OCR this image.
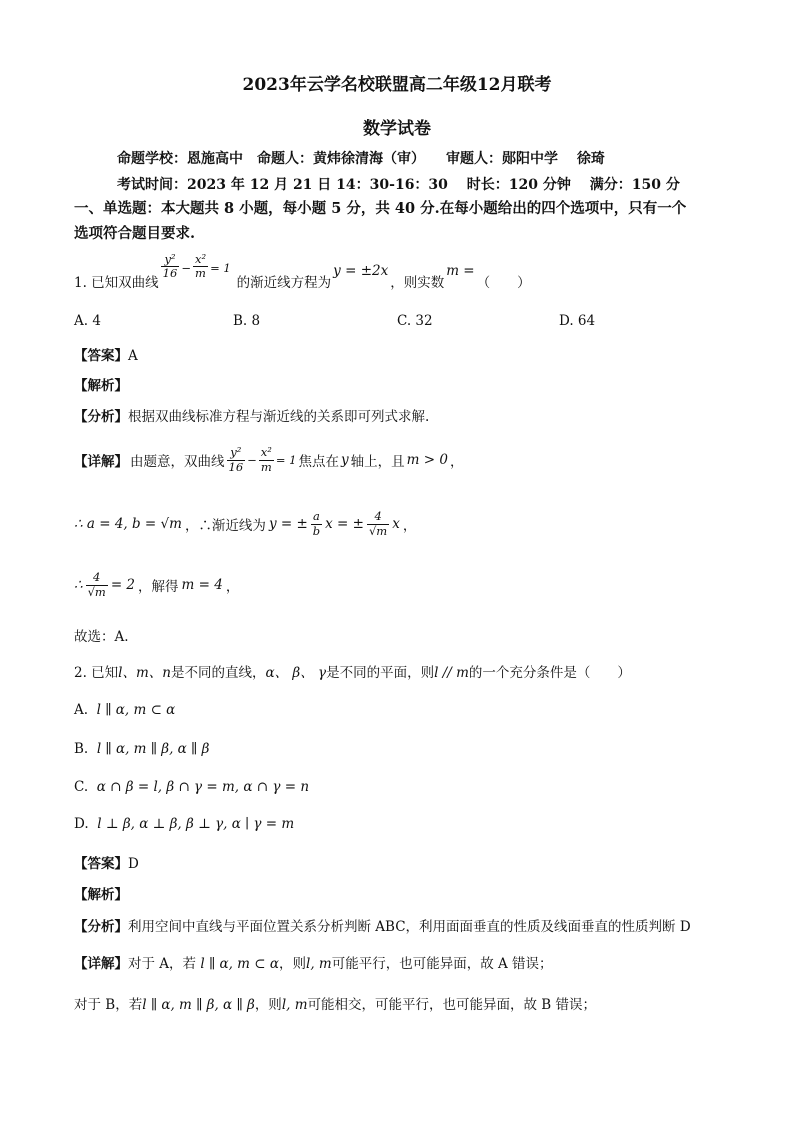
2023年云学名校联盟高二年级12月联考
数学试卷
命题学校：恩施高中　命题人：黄炜徐清海（审）　　审题人：郧阳中学　 徐琦
考试时间：2023 年 12 月 21 日 14：30-16：30　 时长：120 分钟　 满分：150 分
一、单选题：本大题共 8 小题，每小题 5 分，共 40 分.在每小题给出的四个选项中，只有一个
选项符合题目要求.
1. 已知双曲线
$\frac{\text{y²}}{16} - \frac{\text{x²}}{m} = 1$
的渐近线方程为
y = ±2x
，则实数
m =
（　　）
A. 4	B. 8	C. 32	D. 64
【答案】A
【解析】
【分析】根据双曲线标准方程与渐近线的关系即可列式求解.
【详解】 由题意，双曲线 $\frac{\text{y²}}{16} - \frac{\text{x²}}{m} = 1$ 焦点在 y 轴上，且 m > 0 ，
∴ a = 4, b = √m ，∴渐近线为 y = ± $\frac{a}{b}$ x = ± $\frac{4}{√m}$ x ，
∴ $\frac{4}{√m} = 2$ ，解得 m = 4 ，
故选：A.
2. 已知l、m、n是不同的直线，α、 β、 γ是不同的平面，则l // m的一个充分条件是（　　）
A. l ∥ α, m ⊂ α
B. l ∥ α, m ∥ β, α ∥ β
C. α ∩ β = l, β ∩ γ = m, α ∩ γ = n
D. l ⊥ β, α ⊥ β, β ⊥ γ, α ∣ γ = m
【答案】D
【解析】
【分析】利用空间中直线与平面位置关系分析判断 ABC，利用面面垂直的性质及线面垂直的性质判断 D
【详解】对于 A，若 l ∥ α, m ⊂ α，则l, m可能平行，也可能异面，故 A 错误；
对于 B，若l ∥ α, m ∥ β, α ∥ β，则l, m可能相交，可能平行，也可能异面，故 B 错误；
